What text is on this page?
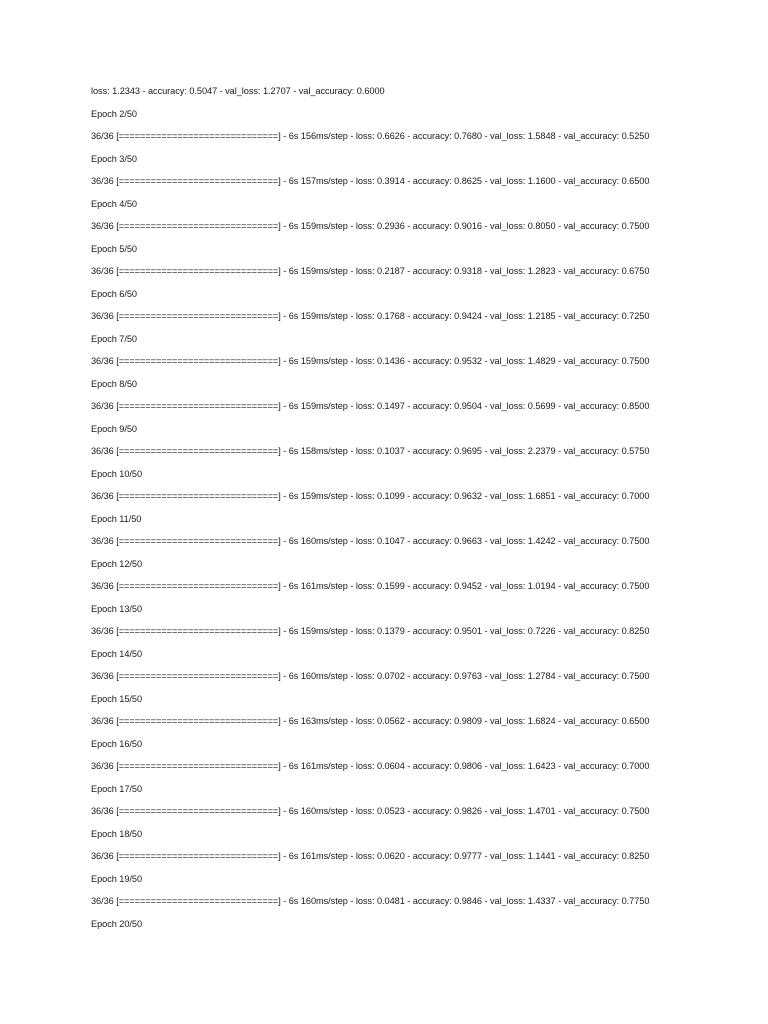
loss: 1.2343 - accuracy: 0.5047 - val_loss: 1.2707 - val_accuracy: 0.6000
Epoch 2/50
36/36 [==============================] - 6s 156ms/step - loss: 0.6626 - accuracy: 0.7680 - val_loss: 1.5848 - val_accuracy: 0.5250
Epoch 3/50
36/36 [==============================] - 6s 157ms/step - loss: 0.3914 - accuracy: 0.8625 - val_loss: 1.1600 - val_accuracy: 0.6500
Epoch 4/50
36/36 [==============================] - 6s 159ms/step - loss: 0.2936 - accuracy: 0.9016 - val_loss: 0.8050 - val_accuracy: 0.7500
Epoch 5/50
36/36 [==============================] - 6s 159ms/step - loss: 0.2187 - accuracy: 0.9318 - val_loss: 1.2823 - val_accuracy: 0.6750
Epoch 6/50
36/36 [==============================] - 6s 159ms/step - loss: 0.1768 - accuracy: 0.9424 - val_loss: 1.2185 - val_accuracy: 0.7250
Epoch 7/50
36/36 [==============================] - 6s 159ms/step - loss: 0.1436 - accuracy: 0.9532 - val_loss: 1.4829 - val_accuracy: 0.7500
Epoch 8/50
36/36 [==============================] - 6s 159ms/step - loss: 0.1497 - accuracy: 0.9504 - val_loss: 0.5699 - val_accuracy: 0.8500
Epoch 9/50
36/36 [==============================] - 6s 158ms/step - loss: 0.1037 - accuracy: 0.9695 - val_loss: 2.2379 - val_accuracy: 0.5750
Epoch 10/50
36/36 [==============================] - 6s 159ms/step - loss: 0.1099 - accuracy: 0.9632 - val_loss: 1.6851 - val_accuracy: 0.7000
Epoch 11/50
36/36 [==============================] - 6s 160ms/step - loss: 0.1047 - accuracy: 0.9663 - val_loss: 1.4242 - val_accuracy: 0.7500
Epoch 12/50
36/36 [==============================] - 6s 161ms/step - loss: 0.1599 - accuracy: 0.9452 - val_loss: 1.0194 - val_accuracy: 0.7500
Epoch 13/50
36/36 [==============================] - 6s 159ms/step - loss: 0.1379 - accuracy: 0.9501 - val_loss: 0.7226 - val_accuracy: 0.8250
Epoch 14/50
36/36 [==============================] - 6s 160ms/step - loss: 0.0702 - accuracy: 0.9763 - val_loss: 1.2784 - val_accuracy: 0.7500
Epoch 15/50
36/36 [==============================] - 6s 163ms/step - loss: 0.0562 - accuracy: 0.9809 - val_loss: 1.6824 - val_accuracy: 0.6500
Epoch 16/50
36/36 [==============================] - 6s 161ms/step - loss: 0.0604 - accuracy: 0.9806 - val_loss: 1.6423 - val_accuracy: 0.7000
Epoch 17/50
36/36 [==============================] - 6s 160ms/step - loss: 0.0523 - accuracy: 0.9826 - val_loss: 1.4701 - val_accuracy: 0.7500
Epoch 18/50
36/36 [==============================] - 6s 161ms/step - loss: 0.0620 - accuracy: 0.9777 - val_loss: 1.1441 - val_accuracy: 0.8250
Epoch 19/50
36/36 [==============================] - 6s 160ms/step - loss: 0.0481 - accuracy: 0.9846 - val_loss: 1.4337 - val_accuracy: 0.7750
Epoch 20/50
